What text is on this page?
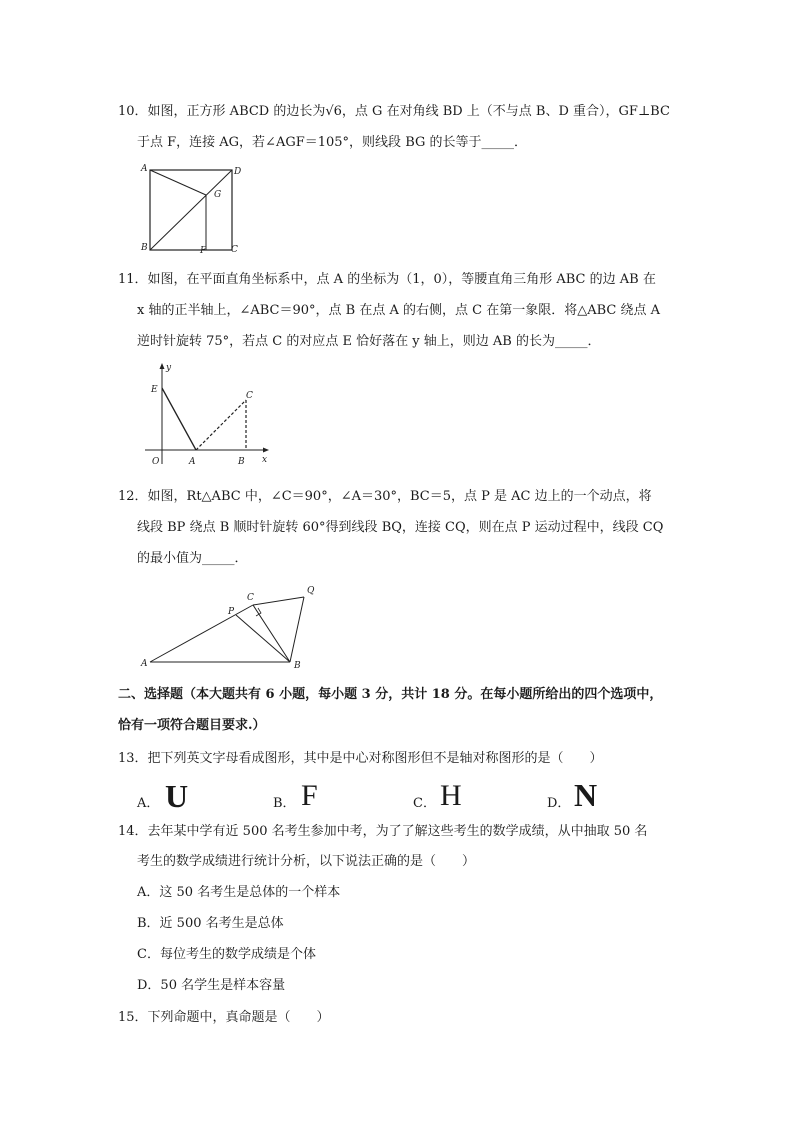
10．如图，正方形 ABCD 的边长为√6，点 G 在对角线 BD 上（不与点 B、D 重合），GF⊥BC
于点 F，连接 AG，若∠AGF＝105°，则线段 BG 的长等于_____．
A	D
G
B	F	C
11．如图，在平面直角坐标系中，点 A 的坐标为（1，0），等腰直角三角形 ABC 的边 AB 在
x 轴的正半轴上，∠ABC＝90°，点 B 在点 A 的右侧，点 C 在第一象限．将△ABC 绕点 A
逆时针旋转 75°，若点 C 的对应点 E 恰好落在 y 轴上，则边 AB 的长为_____．
y
E
C
O	A	B x
12．如图，Rt△ABC 中，∠C＝90°，∠A＝30°，BC＝5，点 P 是 AC 边上的一个动点，将
线段 BP 绕点 B 顺时针旋转 60°得到线段 BQ，连接 CQ，则在点 P 运动过程中，线段 CQ
的最小值为_____．
P
C
Q
A	B
二、选择题（本大题共有 6 小题，每小题 3 分，共计 18 分。在每小题所给出的四个选项中，
恰有一项符合题目要求.）
13．把下列英文字母看成图形，其中是中心对称图形但不是轴对称图形的是（　　）
A． U	B． F	C． H	D． N
14．去年某中学有近 500 名考生参加中考，为了了解这些考生的数学成绩，从中抽取 50 名
考生的数学成绩进行统计分析，以下说法正确的是（　　）
A．这 50 名考生是总体的一个样本
B．近 500 名考生是总体
C．每位考生的数学成绩是个体
D．50 名学生是样本容量
15．下列命题中，真命题是（　　）
